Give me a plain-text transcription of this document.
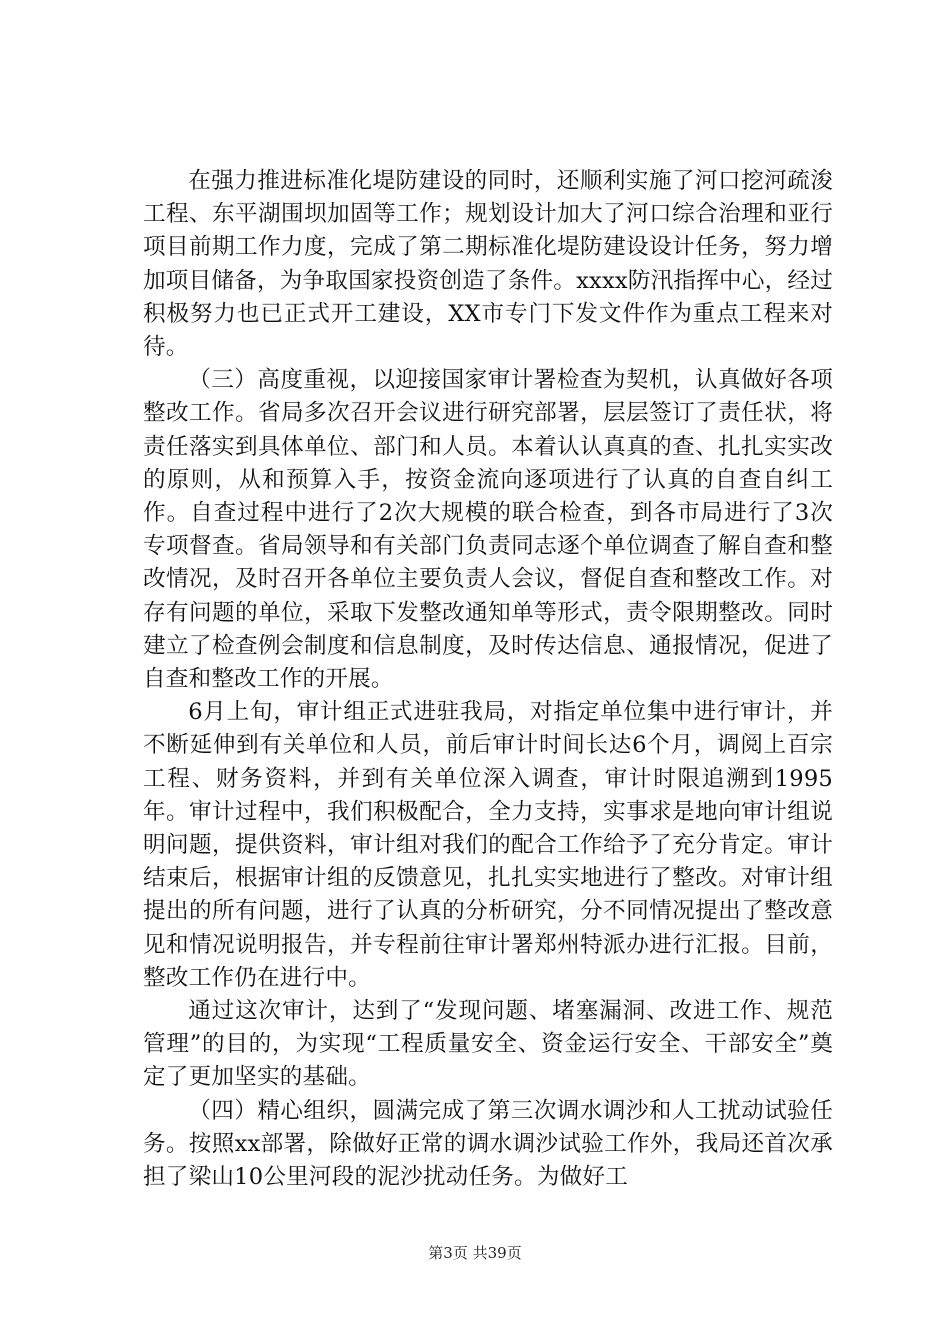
在强力推进标准化堤防建设的同时，还顺利实施了河口挖河疏浚工程、东平湖围坝加固等工作；规划设计加大了河口综合治理和亚行项目前期工作力度，完成了第二期标准化堤防建设设计任务，努力增加项目储备，为争取国家投资创造了条件。xxxx防汛指挥中心，经过积极努力也已正式开工建设，XX市专门下发文件作为重点工程来对待。

（三）高度重视，以迎接国家审计署检查为契机，认真做好各项整改工作。省局多次召开会议进行研究部署，层层签订了责任状，将责任落实到具体单位、部门和人员。本着认认真真的查、扎扎实实改的原则，从和预算入手，按资金流向逐项进行了认真的自查自纠工作。自查过程中进行了2次大规模的联合检查，到各市局进行了3次专项督查。省局领导和有关部门负责同志逐个单位调查了解自查和整改情况，及时召开各单位主要负责人会议，督促自查和整改工作。对存有问题的单位，采取下发整改通知单等形式，责令限期整改。同时建立了检查例会制度和信息制度，及时传达信息、通报情况，促进了自查和整改工作的开展。

6月上旬，审计组正式进驻我局，对指定单位集中进行审计，并不断延伸到有关单位和人员，前后审计时间长达6个月，调阅上百宗工程、财务资料，并到有关单位深入调查，审计时限追溯到1995年。审计过程中，我们积极配合，全力支持，实事求是地向审计组说明问题，提供资料，审计组对我们的配合工作给予了充分肯定。审计结束后，根据审计组的反馈意见，扎扎实实地进行了整改。对审计组提出的所有问题，进行了认真的分析研究，分不同情况提出了整改意见和情况说明报告，并专程前往审计署郑州特派办进行汇报。目前，整改工作仍在进行中。

通过这次审计，达到了“发现问题、堵塞漏洞、改进工作、规范管理”的目的，为实现“工程质量安全、资金运行安全、干部安全”奠定了更加坚实的基础。

（四）精心组织，圆满完成了第三次调水调沙和人工扰动试验任务。按照xx部署，除做好正常的调水调沙试验工作外，我局还首次承担了梁山10公里河段的泥沙扰动任务。为做好工

第3页 共39页
